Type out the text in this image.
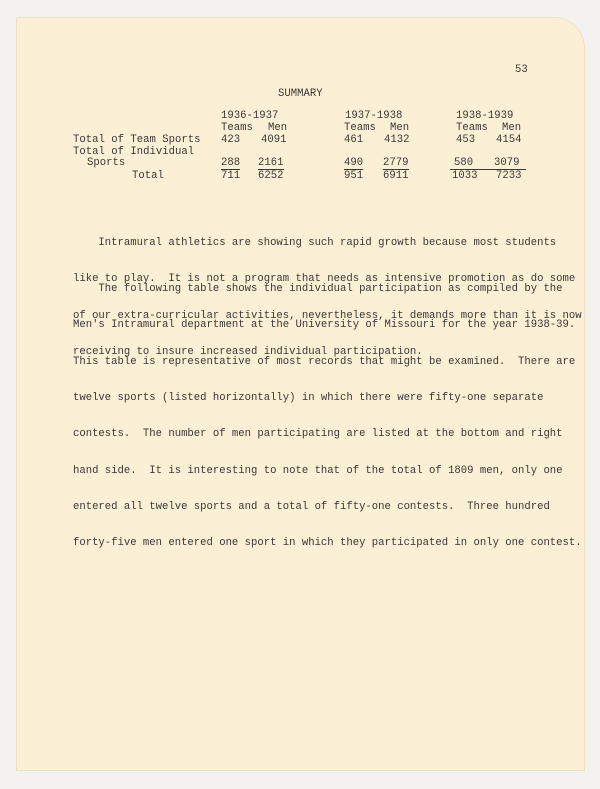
53
SUMMARY
1936-1937	1937-1938	1938-1939
Teams Men	Teams Men	Teams Men
Total of Team Sports 423 4091	461 4132	453 4154
Total of Individual
Sports	288 2161	490 2779	580 3079
Total	711 6252	951 6911	1033 7233

Intramural athletics are showing such rapid growth because most students

like to play.  It is not a program that needs as intensive promotion as do some

of our extra-curricular activities, nevertheless, it demands more than it is now

receiving to insure increased individual participation.

The following table shows the individual participation as compiled by the

Men's Intramural department at the University of Missouri for the year 1938-39.

This table is representative of most records that might be examined.  There are

twelve sports (listed horizontally) in which there were fifty-one separate

contests.  The number of men participating are listed at the bottom and right

hand side.  It is interesting to note that of the total of 1809 men, only one

entered all twelve sports and a total of fifty-one contests.  Three hundred

forty-five men entered one sport in which they participated in only one contest.
